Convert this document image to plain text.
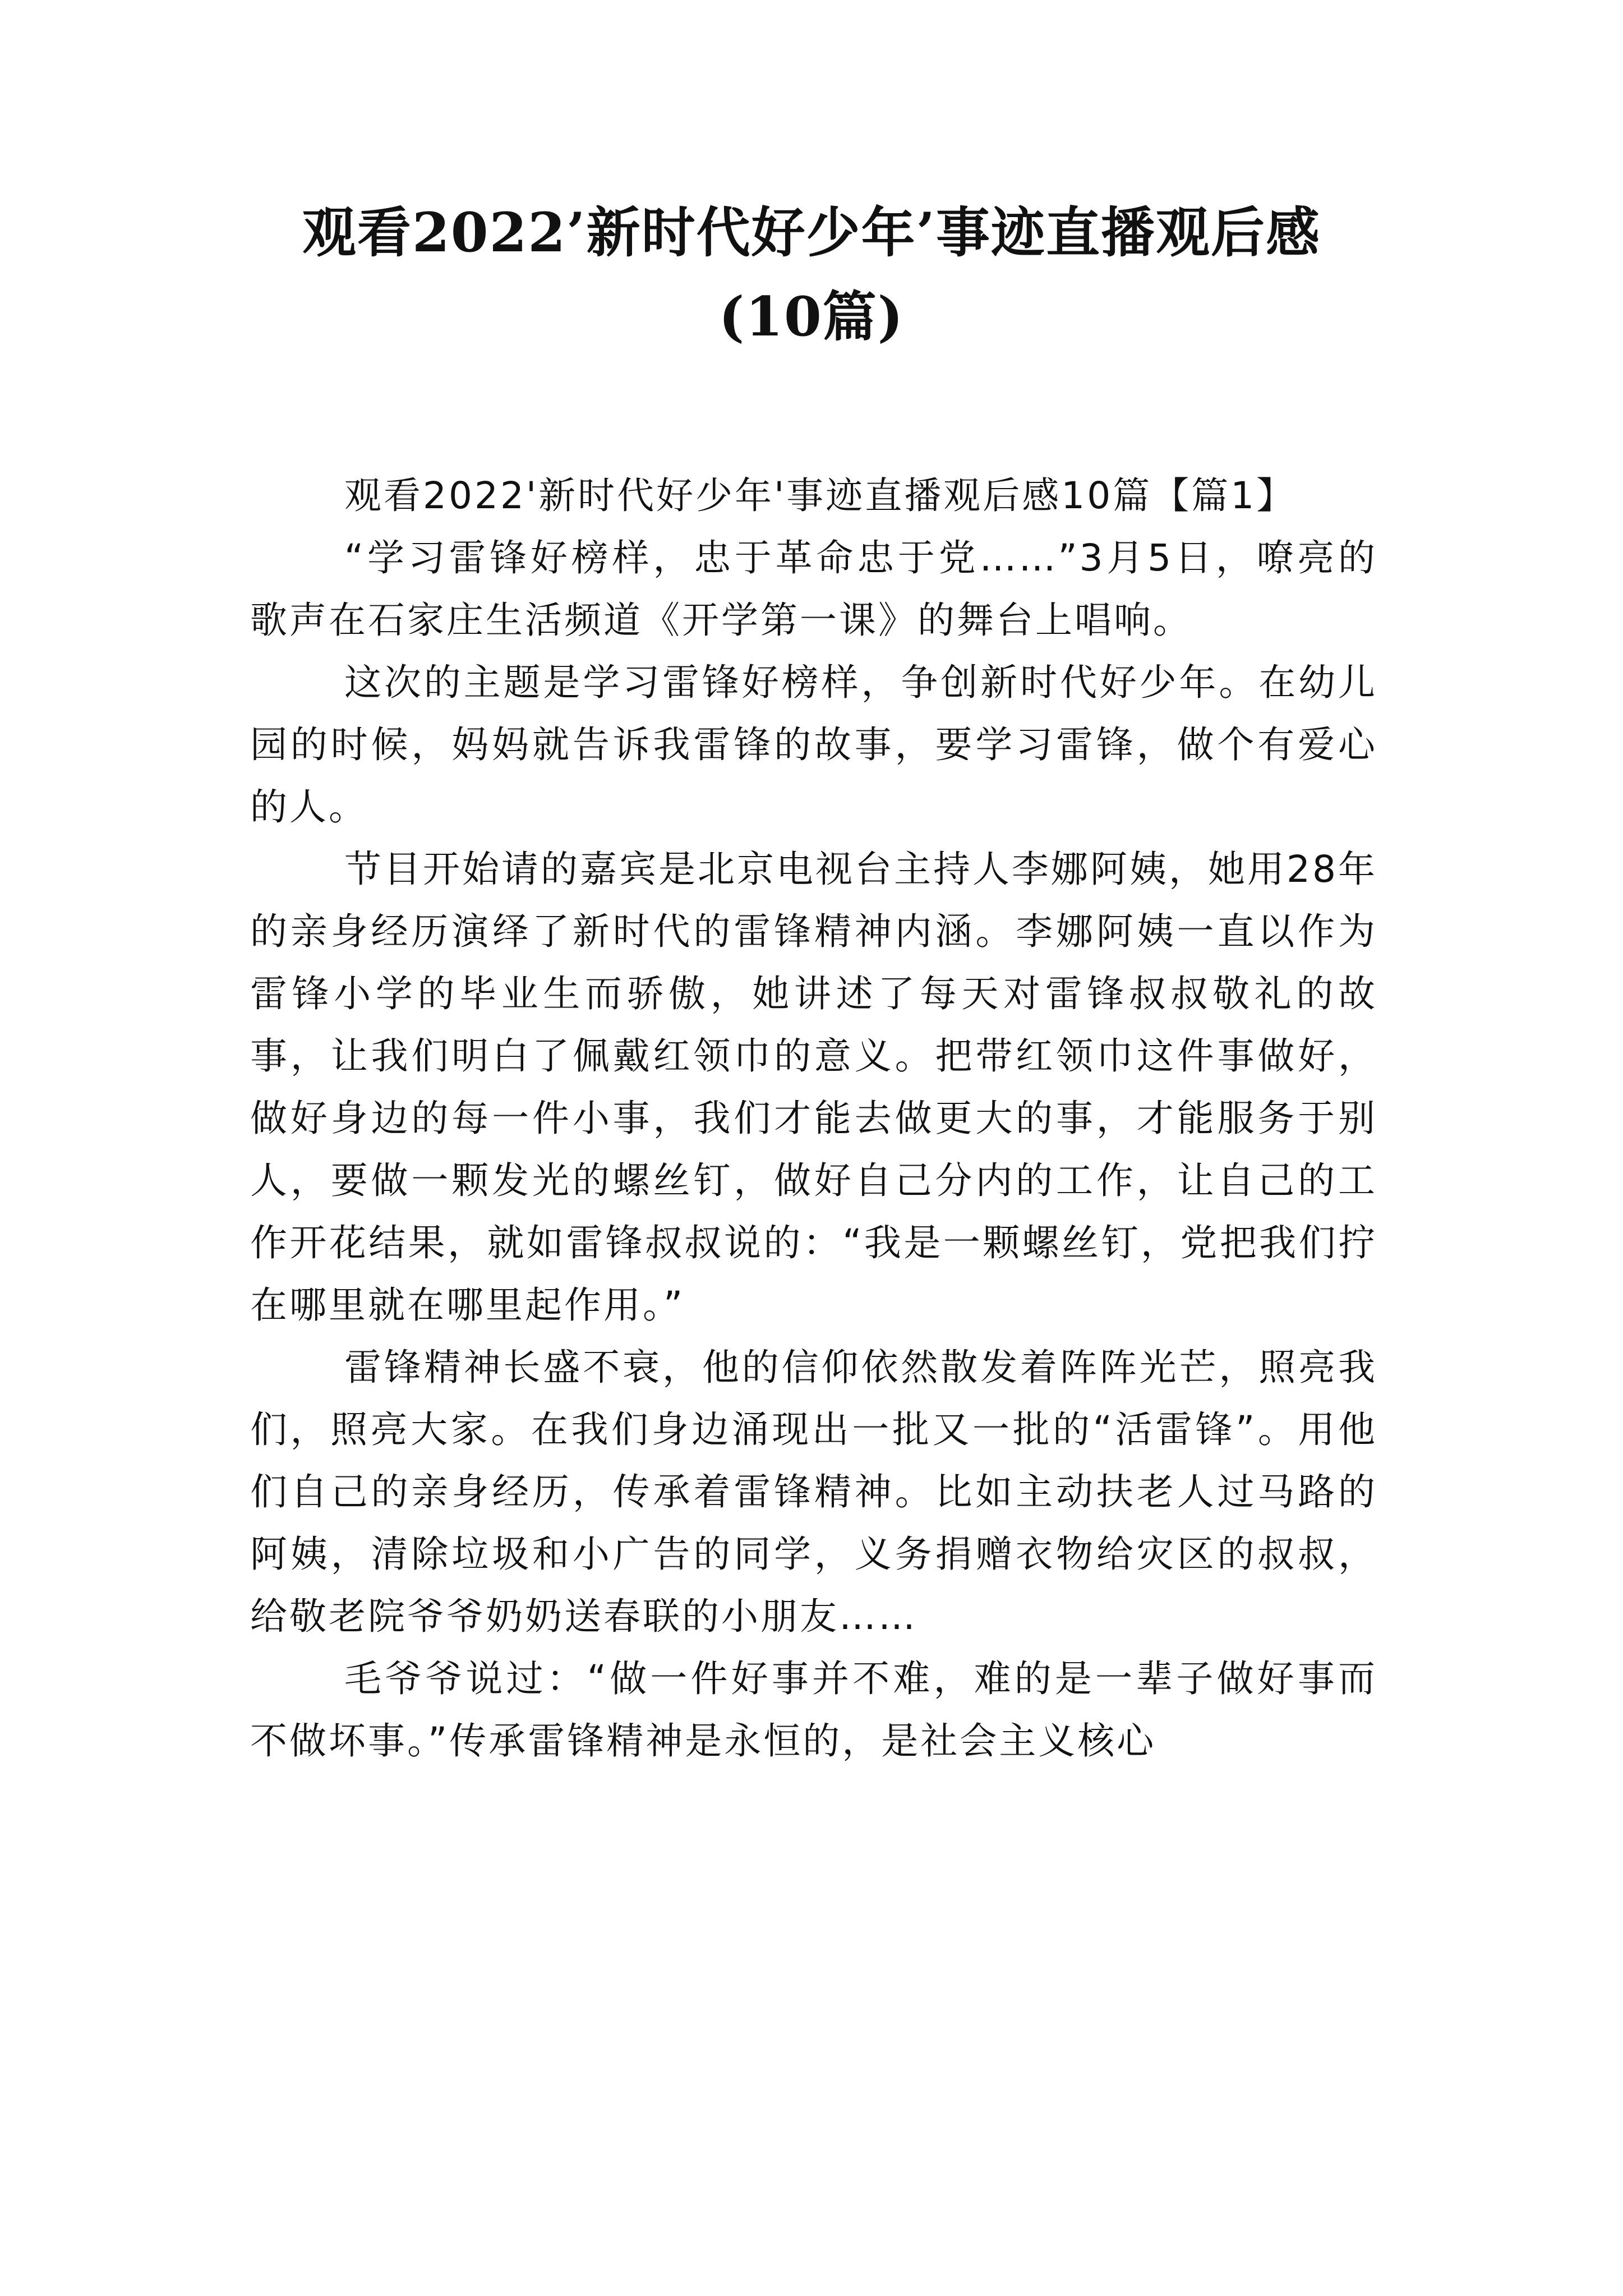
观看2022’新时代好少年’事迹直播观后感
(10篇)

观看2022'新时代好少年'事迹直播观后感10篇【篇1】

“学习雷锋好榜样，忠于革命忠于党……”3月5日，嘹亮的歌声在石家庄生活频道《开学第一课》的舞台上唱响。

这次的主题是学习雷锋好榜样，争创新时代好少年。在幼儿园的时候，妈妈就告诉我雷锋的故事，要学习雷锋，做个有爱心的人。

节目开始请的嘉宾是北京电视台主持人李娜阿姨，她用28年的亲身经历演绎了新时代的雷锋精神内涵。李娜阿姨一直以作为雷锋小学的毕业生而骄傲，她讲述了每天对雷锋叔叔敬礼的故事，让我们明白了佩戴红领巾的意义。把带红领巾这件事做好，做好身边的每一件小事，我们才能去做更大的事，才能服务于别人，要做一颗发光的螺丝钉，做好自己分内的工作，让自己的工作开花结果，就如雷锋叔叔说的：“我是一颗螺丝钉，党把我们拧在哪里就在哪里起作用。”

雷锋精神长盛不衰，他的信仰依然散发着阵阵光芒，照亮我们，照亮大家。在我们身边涌现出一批又一批的“活雷锋”。用他们自己的亲身经历，传承着雷锋精神。比如主动扶老人过马路的阿姨，清除垃圾和小广告的同学，义务捐赠衣物给灾区的叔叔，给敬老院爷爷奶奶送春联的小朋友……

毛爷爷说过：“做一件好事并不难，难的是一辈子做好事而不做坏事。”传承雷锋精神是永恒的，是社会主义核心
